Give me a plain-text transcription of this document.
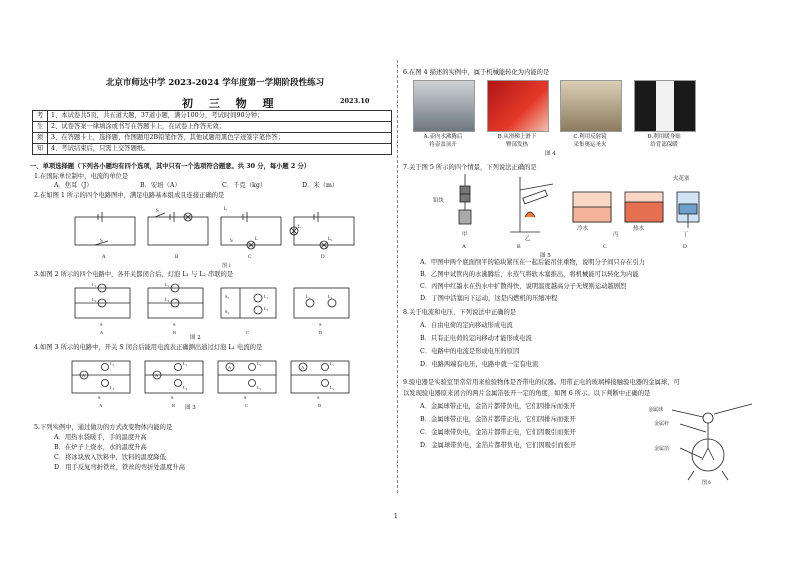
北京市师达中学 2023-2024 学年度第一学期阶段性练习
初 三 物 理	2023.10
考	1、本试卷共5页，共五道大题，37道小题，满分100分，考试时间90分钟；
生	2、试卷答案一律填涂或书写在答题卡上，在试卷上作答无效；
须	3、在答题卡上，选择题、作图题用2B铅笔作答，其他试题用黑色字迹签字笔作答；
知	4、考试结束后，只需上交答题纸。
一、单项选择题（下列各小题均有四个选项，其中只有一个选项符合题意。共 30 分，每小题 2 分）
1.在国际单位制中，电流的单位是
A．焦耳（J）	B．安培（A）	C．千克（kg）	D．米（m）
2.在如图 1 所示的四个电路图中，满足电路基本组成且连接正确的是
S
S	L
S	L
L
L₁
A	B	C	D
图 1
3.如图 2 所示的四个电路中，各开关都闭合后，灯泡 L₁ 与 L₂ 串联的是
L₁
L₂
S
L₁
L₂
S
S₁	L₁
L₂
S₂
L₁	L₂
S
A	B	C	D
图 2
4.如图 3 所示的电路中，开关 S 闭合后能用电流表正确测出通过灯泡 L₁ 电流的是
A
L₁
L₂
S
A
L₁
L₂
S
A
L₁
L₂
S
A
L₁
L₂
S
A	B	C	D
图 3
5.下列实例中，通过做功的方式改变物体内能的是
A．用热水袋暖手，手的温度升高
B．在炉子上烧水，水的温度升高
C．将冰块放入饮料中，饮料的温度降低
D．用手反复弯折铁丝，铁丝的弯折处温度升高
6.在图 4 描述的实例中，属于机械能转化为内能的是
A.壶内水沸腾后
将壶盖顶开
B.从滑梯上滑下
臀部发热
C.利用反射镜
采集奥运圣火
D.利用暖身贴
给背部保暖
图 4
7.关于图 5 所示的四个情景，下列说法正确的是
铅块
冷水	热水
火花塞
甲
乙
丙	丁
A	B	C	D
图 5
A．甲图中两个底面削平的铅块紧压在一起后能吊住重物，说明分子间只存在引力
B．乙图中试管内的水沸腾后，水蒸气将软木塞推出，将机械能可以转化为内能
C．丙图中红墨水在热水中扩散得快，说明温度越高分子无规则运动越剧烈
D．丁图中活塞向下运动，这是内燃机的压缩冲程
8.关于电流和电压，下列说法中正确的是
A．自由电荷的定向移动形成电流
B．只有正电荷的定向移动才能形成电流
C．电路中的电流是形成电压的原因
D．电路两端有电压，电路中就一定有电流
9.验电器是实验室里常常用来检验物体是否带电的仪器。用带正电的玻璃棒接触验电器的金属球，可
以发现验电器原来闭合的两片金属箔张开一定的角度，如图 6 所示。以下判断中正确的是
A．金属球带正电，金箔片都带负电，它们因排斥而张开
B．金属球带正电，金箔片都带正电，它们因排斥而张开
C．金属球带负电，金箔片都带正电，它们因吸引而张开
D．金属球带负电，金箔片都带负电，它们因吸引而张开
金属球
金属杆
金属箔
图 6
1
